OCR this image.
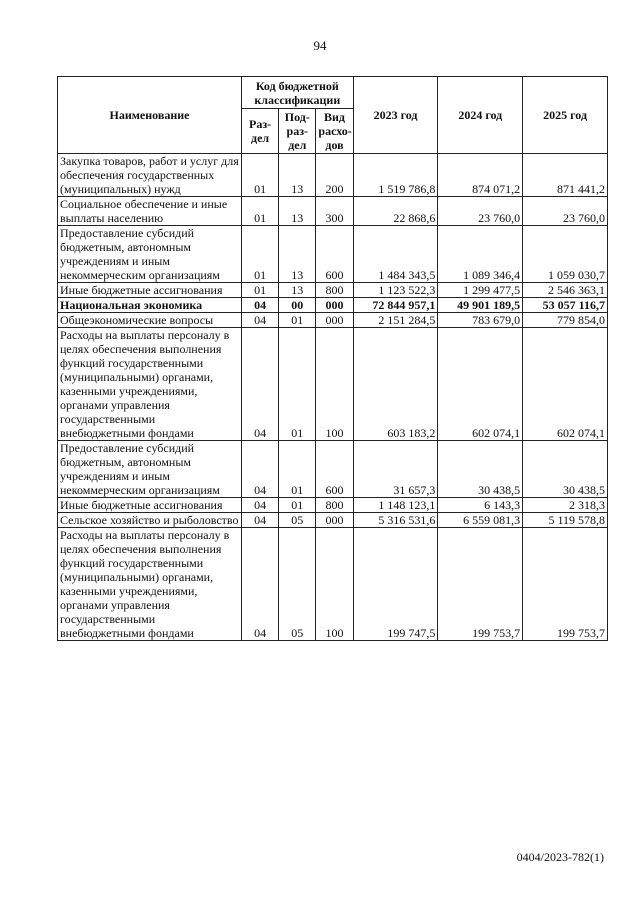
94
Наименование	Код бюджетной классификации			2023 год	2024 год	2025 год
	Раз-дел	Под-раз-дел	Вид расхо-дов			
Закупка товаров, работ и услуг для обеспечения государственных (муниципальных) нужд	01	13	200	1 519 786,8	874 071,2	871 441,2
Социальное обеспечение и иные выплаты населению	01	13	300	22 868,6	23 760,0	23 760,0
Предоставление субсидий бюджетным, автономным учреждениям и иным некоммерческим организациям	01	13	600	1 484 343,5	1 089 346,4	1 059 030,7
Иные бюджетные ассигнования	01	13	800	1 123 522,3	1 299 477,5	2 546 363,1
Национальная экономика	04	00	000	72 844 957,1	49 901 189,5	53 057 116,7
Общеэкономические вопросы	04	01	000	2 151 284,5	783 679,0	779 854,0
Расходы на выплаты персоналу в целях обеспечения выполнения функций государственными (муниципальными) органами, казенными учреждениями, органами управления государственными внебюджетными фондами	04	01	100	603 183,2	602 074,1	602 074,1
Предоставление субсидий бюджетным, автономным учреждениям и иным некоммерческим организациям	04	01	600	31 657,3	30 438,5	30 438,5
Иные бюджетные ассигнования	04	01	800	1 148 123,1	6 143,3	2 318,3
Сельское хозяйство и рыболовство	04	05	000	5 316 531,6	6 559 081,3	5 119 578,8
Расходы на выплаты персоналу в целях обеспечения выполнения функций государственными (муниципальными) органами, казенными учреждениями, органами управления государственными внебюджетными фондами	04	05	100	199 747,5	199 753,7	199 753,7
0404/2023-782(1)
